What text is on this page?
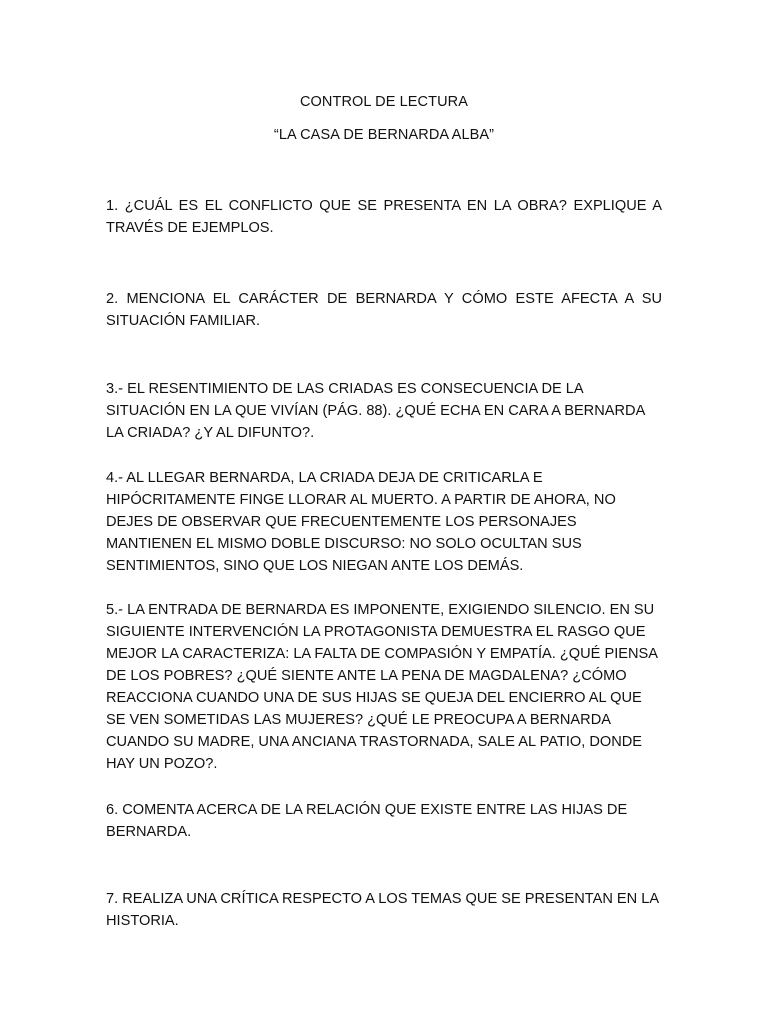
CONTROL DE LECTURA
“LA CASA DE BERNARDA ALBA”

1. ¿CUÁL ES EL CONFLICTO QUE SE PRESENTA EN LA OBRA? EXPLIQUE A TRAVÉS DE EJEMPLOS.

2. MENCIONA EL CARÁCTER DE BERNARDA Y CÓMO ESTE AFECTA A SU SITUACIÓN FAMILIAR.

3.- EL RESENTIMIENTO DE LAS CRIADAS ES CONSECUENCIA DE LA SITUACIÓN EN LA QUE VIVÍAN (PÁG. 88). ¿QUÉ ECHA EN CARA A BERNARDA LA CRIADA? ¿Y AL DIFUNTO?.

4.- AL LLEGAR BERNARDA, LA CRIADA DEJA DE CRITICARLA E HIPÓCRITAMENTE FINGE LLORAR AL MUERTO. A PARTIR DE AHORA, NO DEJES DE OBSERVAR QUE FRECUENTEMENTE LOS PERSONAJES MANTIENEN EL MISMO DOBLE DISCURSO: NO SOLO OCULTAN SUS SENTIMIENTOS, SINO QUE LOS NIEGAN ANTE LOS DEMÁS.

5.- LA ENTRADA DE BERNARDA ES IMPONENTE, EXIGIENDO SILENCIO. EN SU SIGUIENTE INTERVENCIÓN LA PROTAGONISTA DEMUESTRA EL RASGO QUE MEJOR LA CARACTERIZA: LA FALTA DE COMPASIÓN Y EMPATÍA. ¿QUÉ PIENSA DE LOS POBRES? ¿QUÉ SIENTE ANTE LA PENA DE MAGDALENA? ¿CÓMO REACCIONA CUANDO UNA DE SUS HIJAS SE QUEJA DEL ENCIERRO AL QUE SE VEN SOMETIDAS LAS MUJERES? ¿QUÉ LE PREOCUPA A BERNARDA CUANDO SU MADRE, UNA ANCIANA TRASTORNADA, SALE AL PATIO, DONDE HAY UN POZO?.

6. COMENTA ACERCA DE LA RELACIÓN QUE EXISTE ENTRE LAS HIJAS DE BERNARDA.

7. REALIZA UNA CRÍTICA RESPECTO A LOS TEMAS QUE SE PRESENTAN EN LA HISTORIA.
